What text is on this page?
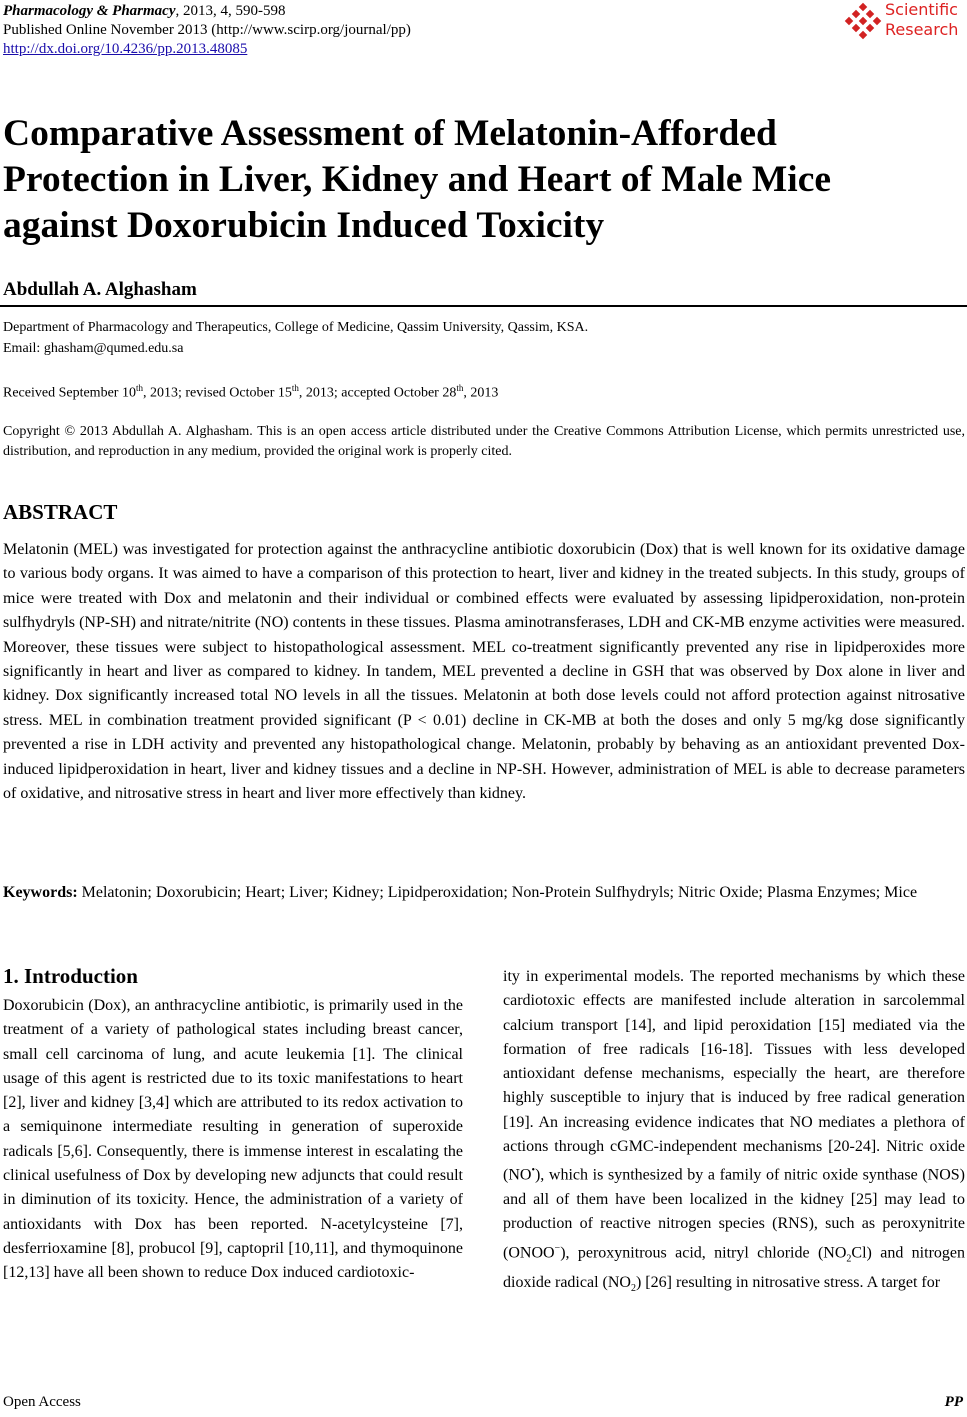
Pharmacology & Pharmacy, 2013, 4, 590-598
Published Online November 2013 (http://www.scirp.org/journal/pp)
http://dx.doi.org/10.4236/pp.2013.48085
Scientific
Research
Comparative Assessment of Melatonin-Afforded Protection in Liver, Kidney and Heart of Male Mice against Doxorubicin Induced Toxicity

Abdullah A. Alghasham

Department of Pharmacology and Therapeutics, College of Medicine, Qassim University, Qassim, KSA.

Email: ghasham@qumed.edu.sa

Received September 10th, 2013; revised October 15th, 2013; accepted October 28th, 2013

Copyright © 2013 Abdullah A. Alghasham. This is an open access article distributed under the Creative Commons Attribution License, which permits unrestricted use, distribution, and reproduction in any medium, provided the original work is properly cited.

ABSTRACT

Melatonin (MEL) was investigated for protection against the anthracycline antibiotic doxorubicin (Dox) that is well known for its oxidative damage to various body organs. It was aimed to have a comparison of this protection to heart, liver and kidney in the treated subjects. In this study, groups of mice were treated with Dox and melatonin and their individual or combined effects were evaluated by assessing lipidperoxidation, non-protein sulfhydryls (NP-SH) and nitrate/nitrite (NO) contents in these tissues. Plasma aminotransferases, LDH and CK-MB enzyme activities were measured. Moreover, these tissues were subject to histopathological assessment. MEL co-treatment significantly prevented any rise in lipidperoxides more significantly in heart and liver as compared to kidney. In tandem, MEL prevented a decline in GSH that was observed by Dox alone in liver and kidney. Dox significantly increased total NO levels in all the tissues. Melatonin at both dose levels could not afford protection against nitrosative stress. MEL in combination treatment provided significant (P < 0.01) decline in CK-MB at both the doses and only 5 mg/kg dose significantly prevented a rise in LDH activity and prevented any histopathological change. Melatonin, probably by behaving as an antioxidant prevented Dox-induced lipidperoxidation in heart, liver and kidney tissues and a decline in NP-SH. However, administration of MEL is able to decrease parameters of oxidative, and nitrosative stress in heart and liver more effectively than kidney.

Keywords: Melatonin; Doxorubicin; Heart; Liver; Kidney; Lipidperoxidation; Non-Protein Sulfhydryls; Nitric Oxide; Plasma Enzymes; Mice

1. Introduction

Doxorubicin (Dox), an anthracycline antibiotic, is primarily used in the treatment of a variety of pathological states including breast cancer, small cell carcinoma of lung, and acute leukemia [1]. The clinical usage of this agent is restricted due to its toxic manifestations to heart [2], liver and kidney [3,4] which are attributed to its redox activation to a semiquinone intermediate resulting in generation of superoxide radicals [5,6]. Consequently, there is immense interest in escalating the clinical usefulness of Dox by developing new adjuncts that could result in diminution of its toxicity. Hence, the administration of a variety of antioxidants with Dox has been reported. N-acetylcysteine [7], desferrioxamine [8], probucol [9], captopril [10,11], and thymoquinone [12,13] have all been shown to reduce Dox induced cardiotoxic-

ity in experimental models. The reported mechanisms by which these cardiotoxic effects are manifested include alteration in sarcolemmal calcium transport [14], and lipid peroxidation [15] mediated via the formation of free radicals [16-18]. Tissues with less developed antioxidant defense mechanisms, especially the heart, are therefore highly susceptible to injury that is induced by free radical generation [19]. An increasing evidence indicates that NO mediates a plethora of actions through cGMC-independent mechanisms [20-24]. Nitric oxide (NO•), which is synthesized by a family of nitric oxide synthase (NOS) and all of them have been localized in the kidney [25] may lead to production of reactive nitrogen species (RNS), such as peroxynitrite (ONOO−), peroxynitrous acid, nitryl chloride $(NO_2Cl)$ and nitrogen dioxide radical $(NO_2)$ [26] resulting in nitrosative stress. A target for

Open Access	PP
